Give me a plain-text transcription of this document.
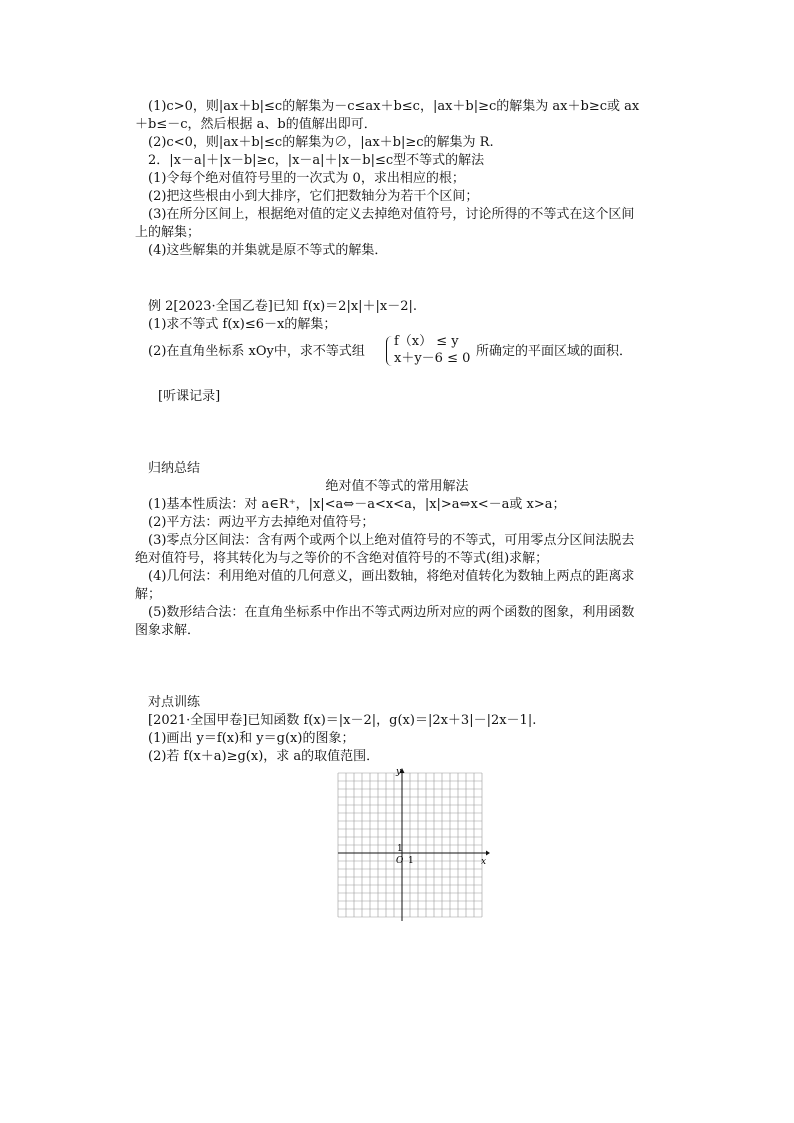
(1)c>0，则|ax＋b|≤c的解集为－c≤ax＋b≤c，|ax＋b|≥c的解集为 ax＋b≥c或 ax
＋b≤－c，然后根据 a、b的值解出即可．
(2)c<0，则|ax＋b|≤c的解集为∅，|ax＋b|≥c的解集为 R.
2．|x－a|＋|x－b|≥c，|x－a|＋|x－b|≤c型不等式的解法
(1)令每个绝对值符号里的一次式为 0，求出相应的根；
(2)把这些根由小到大排序，它们把数轴分为若干个区间；
(3)在所分区间上，根据绝对值的定义去掉绝对值符号，讨论所得的不等式在这个区间
上的解集；
(4)这些解集的并集就是原不等式的解集．
例 2[2023·全国乙卷]已知 f(x)＝2|x|＋|x－2|.
(1)求不等式 f(x)≤6－x的解集；
(2)在直角坐标系 xOy中，求不等式组
f（x） ≤ y
x＋y－6 ≤ 0 所确定的平面区域的面积．
[听课记录]
归纳总结
绝对值不等式的常用解法
(1)基本性质法：对 a∈R⁺，|x|<a⇔－a<x<a，|x|>a⇔x<－a或 x>a；
(2)平方法：两边平方去掉绝对值符号；
(3)零点分区间法：含有两个或两个以上绝对值符号的不等式，可用零点分区间法脱去
绝对值符号，将其转化为与之等价的不含绝对值符号的不等式(组)求解；
(4)几何法：利用绝对值的几何意义，画出数轴，将绝对值转化为数轴上两点的距离求
解；
(5)数形结合法：在直角坐标系中作出不等式两边所对应的两个函数的图象，利用函数
图象求解．
对点训练
[2021·全国甲卷]已知函数 f(x)＝|x－2|，g(x)＝|2x＋3|－|2x－1|.
(1)画出 y＝f(x)和 y＝g(x)的图象；
(2)若 f(x＋a)≥g(x)，求 a的取值范围．
y
x
O 1
1
